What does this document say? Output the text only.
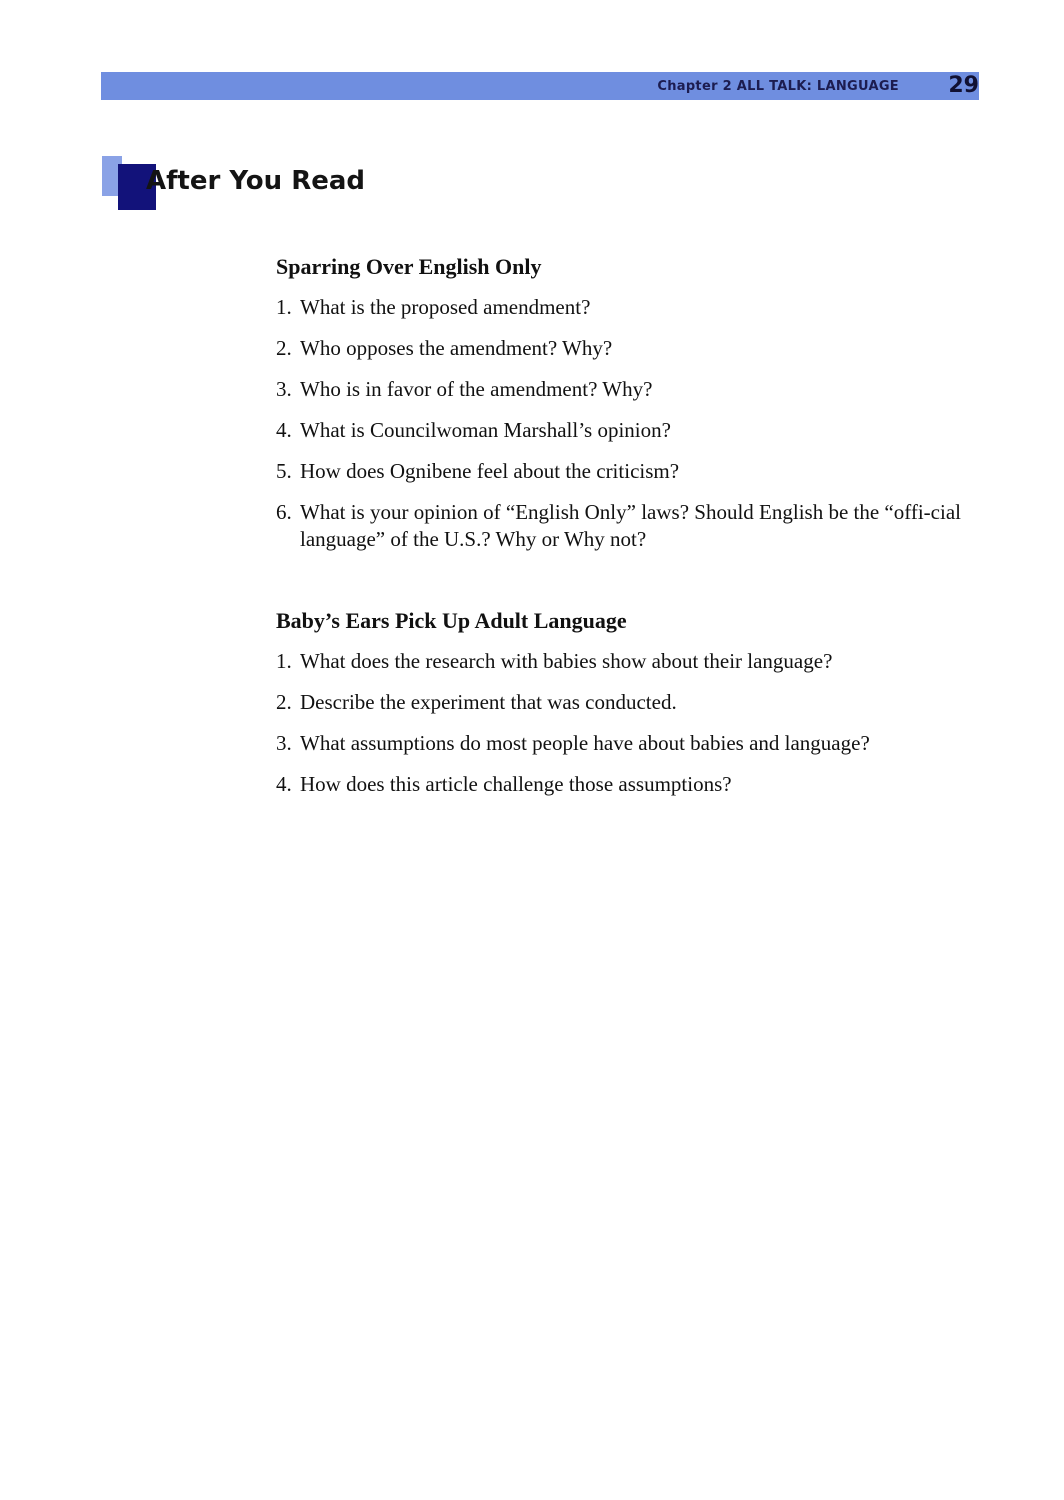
Chapter 2 ALL TALK: LANGUAGE 29
After You Read
Sparring Over English Only
1. What is the proposed amendment?
2. Who opposes the amendment? Why?
3. Who is in favor of the amendment? Why?
4. What is Councilwoman Marshall’s opinion?
5. How does Ognibene feel about the criticism?
6. What is your opinion of “English Only” laws? Should English be the “offi-cial language” of the U.S.? Why or Why not?
Baby’s Ears Pick Up Adult Language
1. What does the research with babies show about their language?
2. Describe the experiment that was conducted.
3. What assumptions do most people have about babies and language?
4. How does this article challenge those assumptions?
